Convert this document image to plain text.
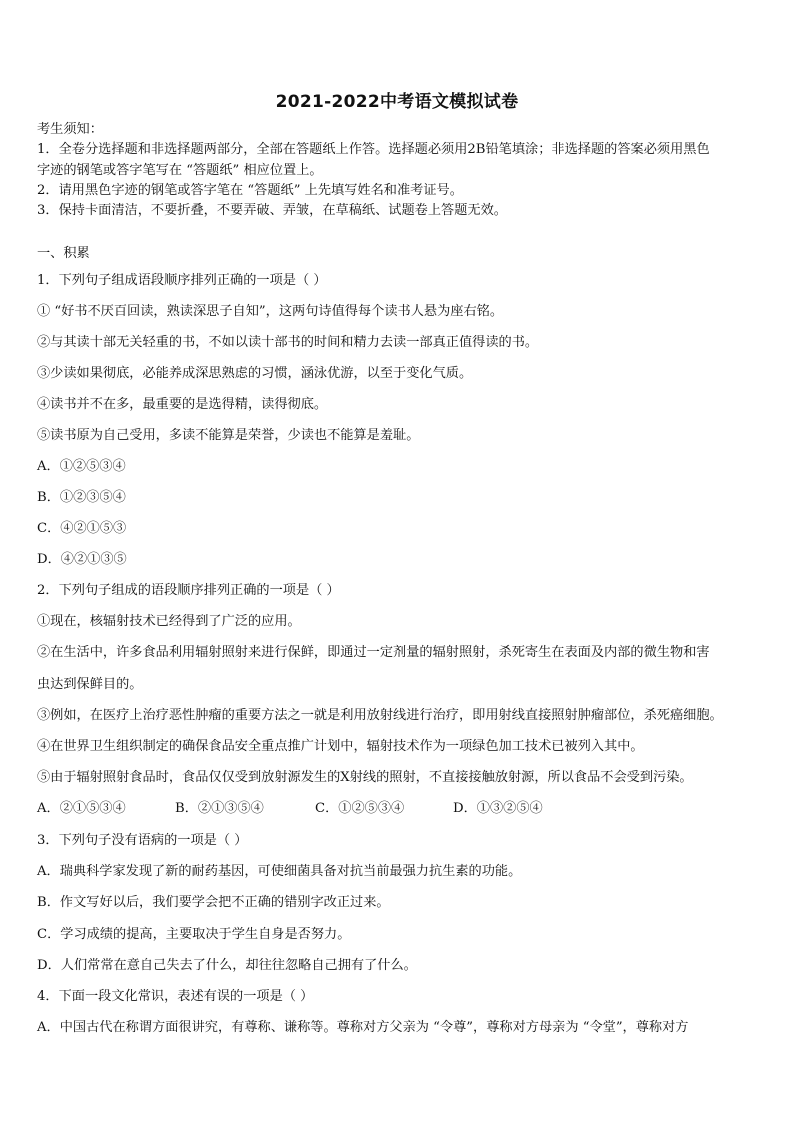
2021-2022中考语文模拟试卷
考生须知：
1．全卷分选择题和非选择题两部分，全部在答题纸上作答。选择题必须用2B铅笔填涂；非选择题的答案必须用黑色
字迹的钢笔或答字笔写在 “答题纸” 相应位置上。
2．请用黑色字迹的钢笔或答字笔在 “答题纸” 上先填写姓名和准考证号。
3．保持卡面清洁，不要折叠，不要弄破、弄皱，在草稿纸、试题卷上答题无效。
一、积累
1．下列句子组成语段顺序排列正确的一项是（ ）
① “好书不厌百回读，熟读深思子自知”，这两句诗值得每个读书人悬为座右铭。
②与其读十部无关轻重的书，不如以读十部书的时间和精力去读一部真正值得读的书。
③少读如果彻底，必能养成深思熟虑的习惯，涵泳优游，以至于变化气质。
④读书并不在多，最重要的是选得精，读得彻底。
⑤读书原为自己受用，多读不能算是荣誉，少读也不能算是羞耻。
A．①②⑤③④
B．①②③⑤④
C．④②①⑤③
D．④②①③⑤
2．下列句子组成的语段顺序排列正确的一项是（ ）
①现在，核辐射技术已经得到了广泛的应用。
②在生活中，许多食品利用辐射照射来进行保鲜，即通过一定剂量的辐射照射，杀死寄生在表面及内部的微生物和害
虫达到保鲜目的。
③例如，在医疗上治疗恶性肿瘤的重要方法之一就是利用放射线进行治疗，即用射线直接照射肿瘤部位，杀死癌细胞。
④在世界卫生组织制定的确保食品安全重点推广计划中，辐射技术作为一项绿色加工技术已被列入其中。
⑤由于辐射照射食品时，食品仅仅受到放射源发生的X射线的照射，不直接接触放射源，所以食品不会受到污染。
A．②①⑤③④	B．②①③⑤④	C．①②⑤③④	D．①③②⑤④
3．下列句子没有语病的一项是（ ）
A．瑞典科学家发现了新的耐药基因，可使细菌具备对抗当前最强力抗生素的功能。
B．作文写好以后，我们要学会把不正确的错别字改正过来。
C．学习成绩的提高，主要取决于学生自身是否努力。
D．人们常常在意自己失去了什么，却往往忽略自己拥有了什么。
4．下面一段文化常识，表述有误的一项是（ ）
A．中国古代在称谓方面很讲究，有尊称、谦称等。尊称对方父亲为 “令尊”，尊称对方母亲为 “令堂”，尊称对方
